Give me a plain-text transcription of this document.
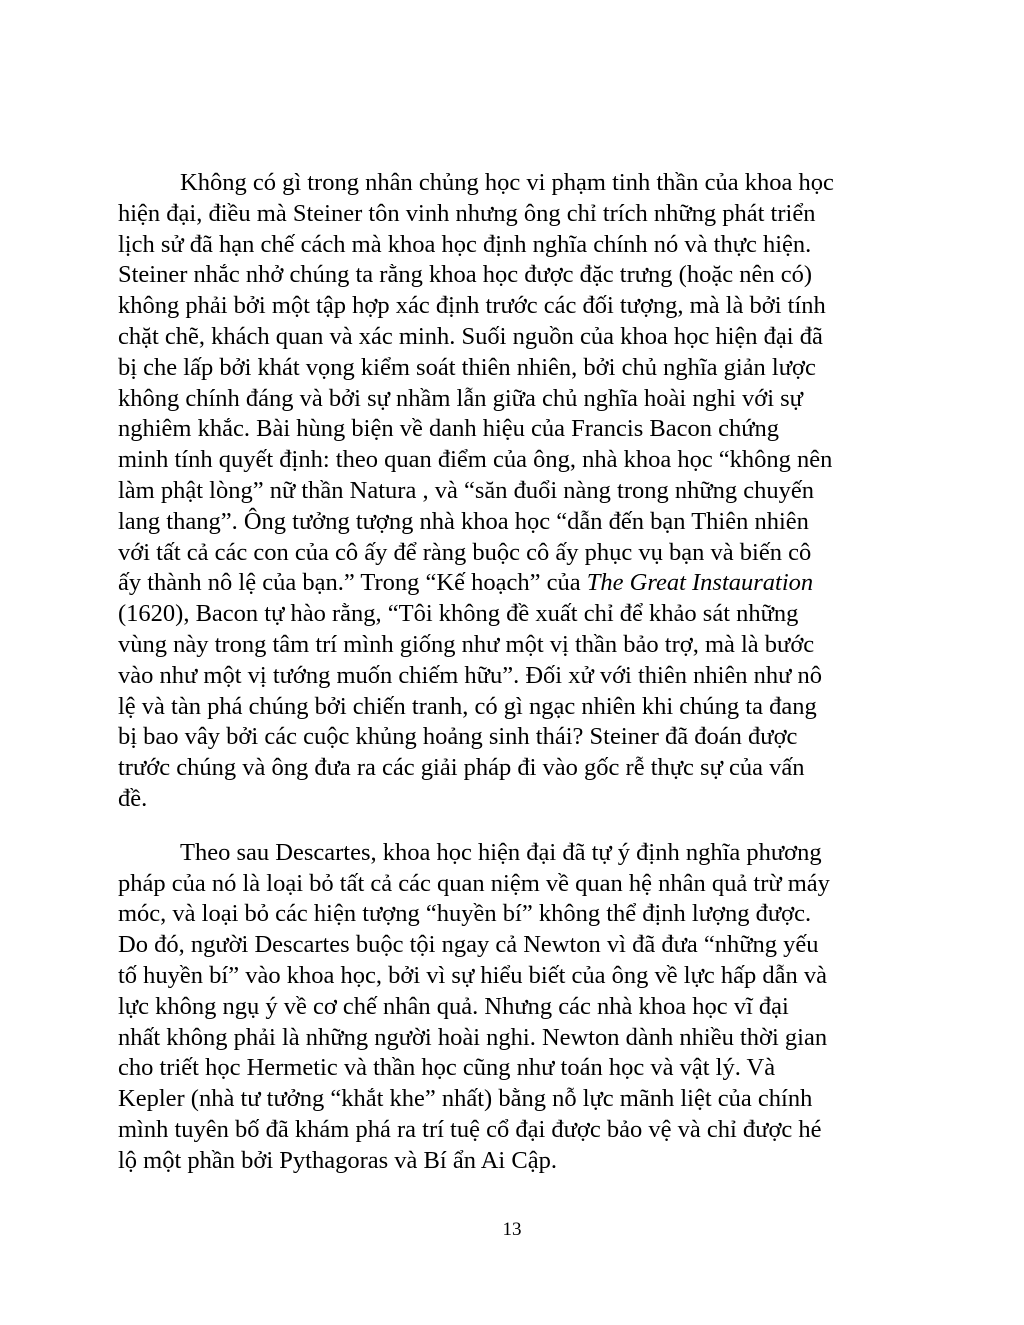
Không có gì trong nhân chủng học vi phạm tinh thần của khoa học
hiện đại, điều mà Steiner tôn vinh nhưng ông chỉ trích những phát triển
lịch sử đã hạn chế cách mà khoa học định nghĩa chính nó và thực hiện.
Steiner nhắc nhở chúng ta rằng khoa học được đặc trưng (hoặc nên có)
không phải bởi một tập hợp xác định trước các đối tượng, mà là bởi tính
chặt chẽ, khách quan và xác minh. Suối nguồn của khoa học hiện đại đã
bị che lấp bởi khát vọng kiểm soát thiên nhiên, bởi chủ nghĩa giản lược
không chính đáng và bởi sự nhầm lẫn giữa chủ nghĩa hoài nghi với sự
nghiêm khắc. Bài hùng biện về danh hiệu của Francis Bacon chứng
minh tính quyết định: theo quan điểm của ông, nhà khoa học “không nên
làm phật lòng” nữ thần Natura , và “săn đuổi nàng trong những chuyến
lang thang”. Ông tưởng tượng nhà khoa học “dẫn đến bạn Thiên nhiên
với tất cả các con của cô ấy để ràng buộc cô ấy phục vụ bạn và biến cô
ấy thành nô lệ của bạn.” Trong “Kế hoạch” của The Great Instauration
(1620), Bacon tự hào rằng, “Tôi không đề xuất chỉ để khảo sát những
vùng này trong tâm trí mình giống như một vị thần bảo trợ, mà là bước
vào như một vị tướng muốn chiếm hữu”. Đối xử với thiên nhiên như nô
lệ và tàn phá chúng bởi chiến tranh, có gì ngạc nhiên khi chúng ta đang
bị bao vây bởi các cuộc khủng hoảng sinh thái? Steiner đã đoán được
trước chúng và ông đưa ra các giải pháp đi vào gốc rễ thực sự của vấn
đề.
Theo sau Descartes, khoa học hiện đại đã tự ý định nghĩa phương
pháp của nó là loại bỏ tất cả các quan niệm về quan hệ nhân quả trừ máy
móc, và loại bỏ các hiện tượng “huyền bí” không thể định lượng được.
Do đó, người Descartes buộc tội ngay cả Newton vì đã đưa “những yếu
tố huyền bí” vào khoa học, bởi vì sự hiểu biết của ông về lực hấp dẫn và
lực không ngụ ý về cơ chế nhân quả. Nhưng các nhà khoa học vĩ đại
nhất không phải là những người hoài nghi. Newton dành nhiều thời gian
cho triết học Hermetic và thần học cũng như toán học và vật lý. Và
Kepler (nhà tư tưởng “khắt khe” nhất) bằng nỗ lực mãnh liệt của chính
mình tuyên bố đã khám phá ra trí tuệ cổ đại được bảo vệ và chỉ được hé
lộ một phần bởi Pythagoras và Bí ẩn Ai Cập.
13
